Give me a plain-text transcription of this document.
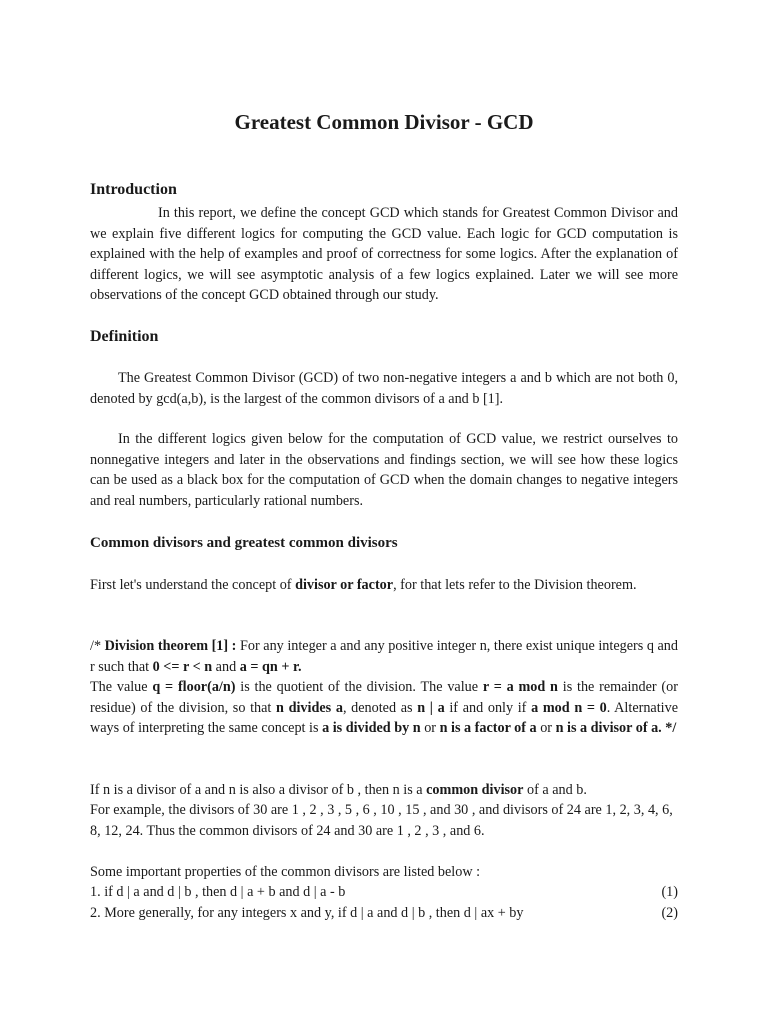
Greatest Common Divisor - GCD
Introduction

In this report, we define the concept GCD which stands for Greatest Common Divisor and we explain five different logics for computing the GCD value. Each logic for GCD computation is explained with the help of examples and proof of correctness for some logics. After the explanation of different logics, we will see asymptotic analysis of a few logics explained. Later we will see more observations of the concept GCD obtained through our study.

Definition

The Greatest Common Divisor (GCD) of two non-negative integers a and b which are not both 0, denoted by gcd(a,b), is the largest of the common divisors of a and b [1].

In the different logics given below for the computation of GCD value, we restrict ourselves to nonnegative integers and later in the observations and findings section, we will see how these logics can be used as a black box for the computation of GCD when the domain changes to negative integers and real numbers, particularly rational numbers.

Common divisors and greatest common divisors

First let's understand the concept of divisor or factor, for that lets refer to the Division theorem.

/* Division theorem [1] : For any integer a and any positive integer n, there exist unique integers q and r such that 0 <= r < n and a = qn + r.

The value q = floor(a/n) is the quotient of the division. The value r = a mod n is the remainder (or residue) of the division, so that n divides a, denoted as n | a if and only if a mod n = 0. Alternative ways of interpreting the same concept is a is divided by n or n is a factor of a or n is a divisor of a. */

If n is a divisor of a and n is also a divisor of b , then n is a common divisor of a and b.

For example, the divisors of 30 are 1 , 2 , 3 , 5 , 6 , 10 , 15 , and 30 , and divisors of 24 are 1, 2, 3, 4, 6, 8, 12, 24. Thus the common divisors of 24 and 30 are 1 , 2 , 3 , and 6.

Some important properties of the common divisors are listed below :

1. if d | a and d | b , then d | a + b and d | a - b	(1)
2. More generally, for any integers x and y, if d | a and d | b , then d | ax + by	(2)
